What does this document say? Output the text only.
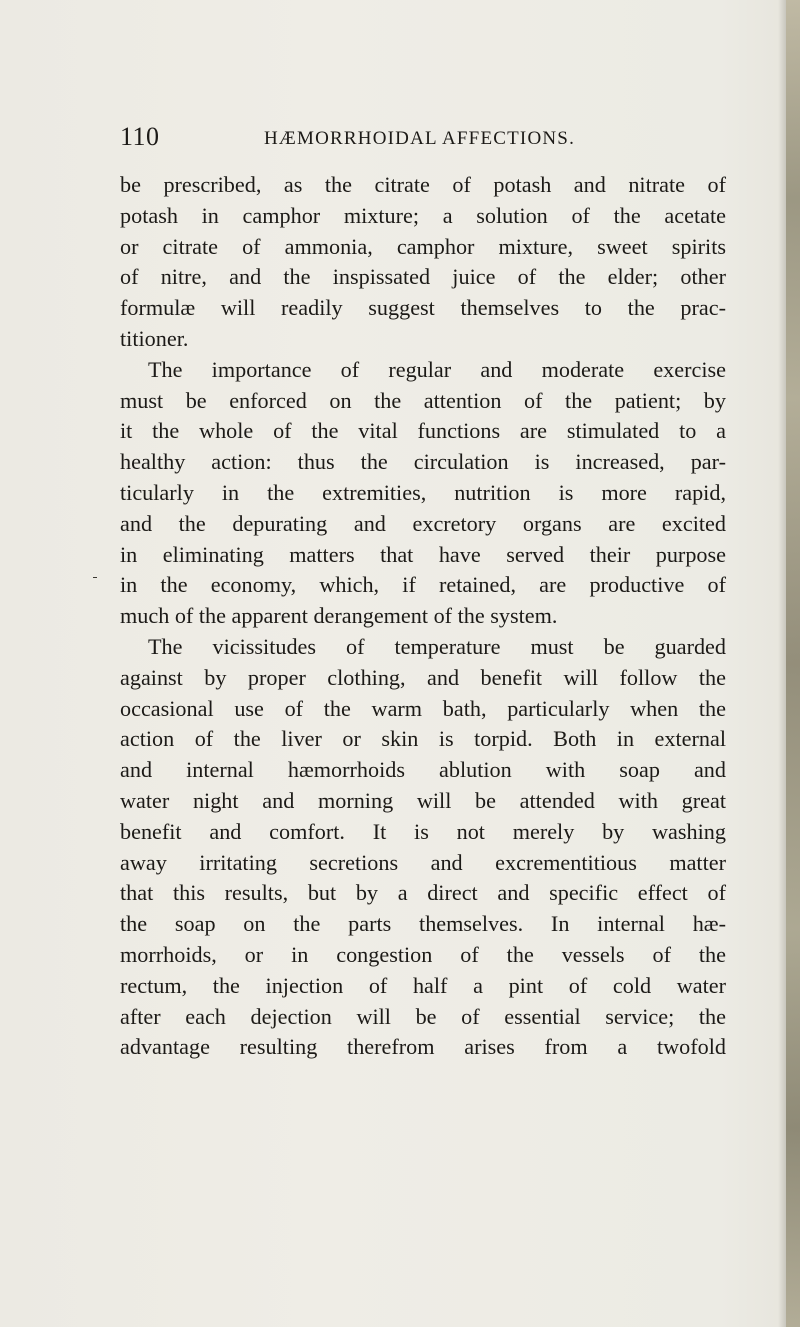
110	HÆMORRHOIDAL AFFECTIONS.
be prescribed, as the citrate of potash and nitrate of
potash in camphor mixture; a solution of the acetate
or citrate of ammonia, camphor mixture, sweet spirits
of nitre, and the inspissated juice of the elder; other
formulæ will readily suggest themselves to the prac-
titioner.
The importance of regular and moderate exercise
must be enforced on the attention of the patient; by
it the whole of the vital functions are stimulated to a
healthy action: thus the circulation is increased, par-
ticularly in the extremities, nutrition is more rapid,
and the depurating and excretory organs are excited
in eliminating matters that have served their purpose
in the economy, which, if retained, are productive of
much of the apparent derangement of the system.
The vicissitudes of temperature must be guarded
against by proper clothing, and benefit will follow the
occasional use of the warm bath, particularly when the
action of the liver or skin is torpid. Both in external
and internal hæmorrhoids ablution with soap and
water night and morning will be attended with great
benefit and comfort. It is not merely by washing
away irritating secretions and excrementitious matter
that this results, but by a direct and specific effect of
the soap on the parts themselves. In internal hæ-
morrhoids, or in congestion of the vessels of the
rectum, the injection of half a pint of cold water
after each dejection will be of essential service; the
advantage resulting therefrom arises from a twofold
